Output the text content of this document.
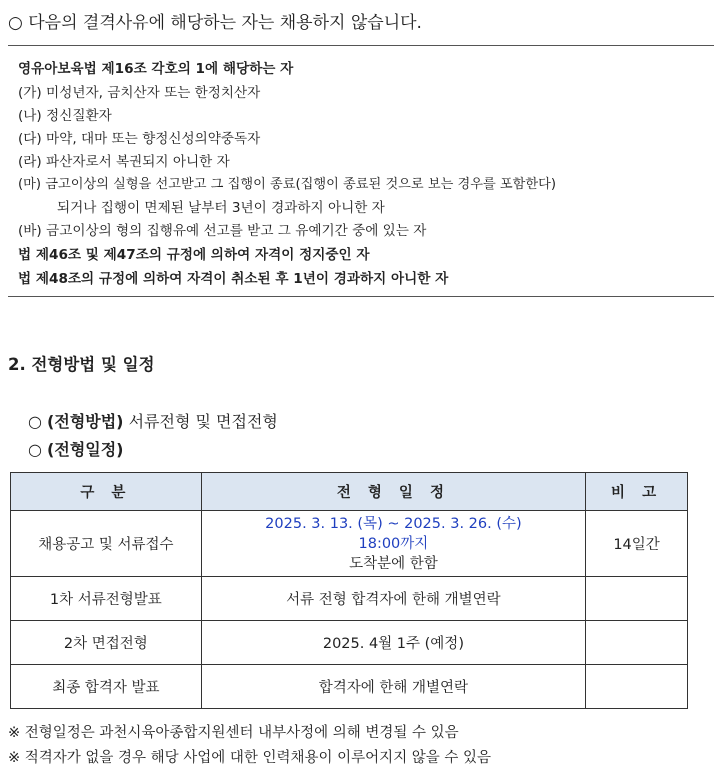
○ 다음의 결격사유에 해당하는 자는 채용하지 않습니다.
영유아보육법 제16조 각호의 1에 해당하는 자
(가) 미성년자, 금치산자 또는 한정치산자
(나) 정신질환자
(다) 마약, 대마 또는 향정신성의약중독자
(라) 파산자로서 복권되지 아니한 자
(마) 금고이상의 실형을 선고받고 그 집행이 종료(집행이 종료된 것으로 보는 경우를 포함한다)
되거나 집행이 면제된 날부터 3년이 경과하지 아니한 자
(바) 금고이상의 형의 집행유예 선고를 받고 그 유예기간 중에 있는 자
법 제46조 및 제47조의 규정에 의하여 자격이 정지중인 자
법 제48조의 규정에 의하여 자격이 취소된 후 1년이 경과하지 아니한 자
2. 전형방법 및 일정
○ (전형방법) 서류전형 및 면접전형
○ (전형일정)
구 분	전 형 일 정	비 고
채용공고 및 서류접수	2025. 3. 13. (목) ~ 2025. 3. 26. (수)
18:00까지
도착분에 한함	14일간
1차 서류전형발표	서류 전형 합격자에 한해 개별연락	
2차 면접전형	2025. 4월 1주 (예정)	
최종 합격자 발표	합격자에 한해 개별연락	
※ 전형일정은 과천시육아종합지원센터 내부사정에 의해 변경될 수 있음
※ 적격자가 없을 경우 해당 사업에 대한 인력채용이 이루어지지 않을 수 있음
